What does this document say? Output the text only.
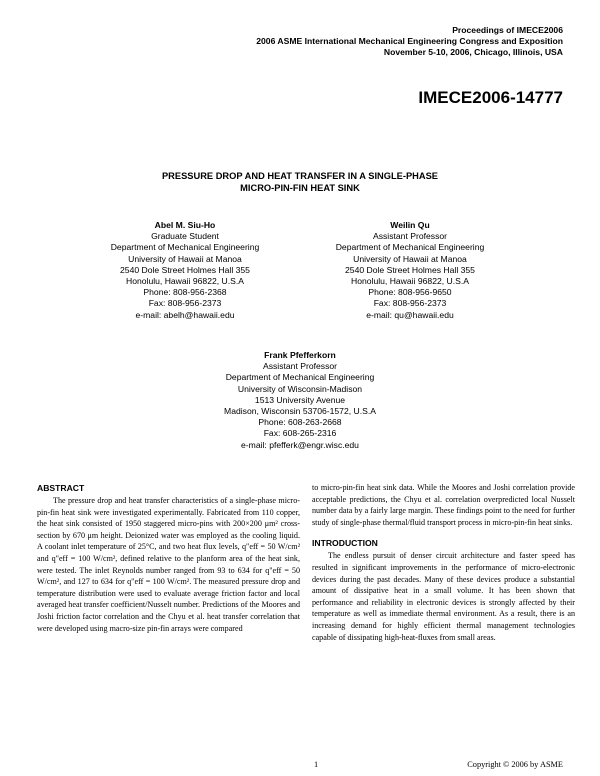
Proceedings of IMECE2006
2006 ASME International Mechanical Engineering Congress and Exposition
November 5-10, 2006, Chicago, Illinois, USA
IMECE2006-14777
PRESSURE DROP AND HEAT TRANSFER IN A SINGLE-PHASE
MICRO-PIN-FIN HEAT SINK
Abel M. Siu-Ho
Graduate Student
Department of Mechanical Engineering
University of Hawaii at Manoa
2540 Dole Street Holmes Hall 355
Honolulu, Hawaii 96822, U.S.A
Phone: 808-956-2368
Fax: 808-956-2373
e-mail: abelh@hawaii.edu
Weilin Qu
Assistant Professor
Department of Mechanical Engineering
University of Hawaii at Manoa
2540 Dole Street Holmes Hall 355
Honolulu, Hawaii 96822, U.S.A
Phone: 808-956-9650
Fax: 808-956-2373
e-mail: qu@hawaii.edu
Frank Pfefferkorn
Assistant Professor
Department of Mechanical Engineering
University of Wisconsin-Madison
1513 University Avenue
Madison, Wisconsin 53706-1572, U.S.A
Phone: 608-263-2668
Fax: 608-265-2316
e-mail: pfefferk@engr.wisc.edu
ABSTRACT

The pressure drop and heat transfer characteristics of a single-phase micro-pin-fin heat sink were investigated experimentally. Fabricated from 110 copper, the heat sink consisted of 1950 staggered micro-pins with 200×200 μm² cross-section by 670 μm height. Deionized water was employed as the cooling liquid. A coolant inlet temperature of 25°C, and two heat flux levels, q"eff = 50 W/cm² and q"eff = 100 W/cm², defined relative to the planform area of the heat sink, were tested. The inlet Reynolds number ranged from 93 to 634 for q"eff = 50 W/cm², and 127 to 634 for q"eff = 100 W/cm². The measured pressure drop and temperature distribution were used to evaluate average friction factor and local averaged heat transfer coefficient/Nusselt number. Predictions of the Moores and Joshi friction factor correlation and the Chyu et al. heat transfer correlation that were developed using macro-size pin-fin arrays were compared

to micro-pin-fin heat sink data. While the Moores and Joshi correlation provide acceptable predictions, the Chyu et al. correlation overpredicted local Nusselt number data by a fairly large margin. These findings point to the need for further study of single-phase thermal/fluid transport process in micro-pin-fin heat sinks.

INTRODUCTION

The endless pursuit of denser circuit architecture and faster speed has resulted in significant improvements in the performance of micro-electronic devices during the past decades. Many of these devices produce a substantial amount of dissipative heat in a small volume. It has been shown that performance and reliability in electronic devices is strongly affected by their temperature as well as immediate thermal environment. As a result, there is an increasing demand for highly efficient thermal management technologies capable of dissipating high-heat-fluxes from small areas.

1	Copyright © 2006 by ASME
